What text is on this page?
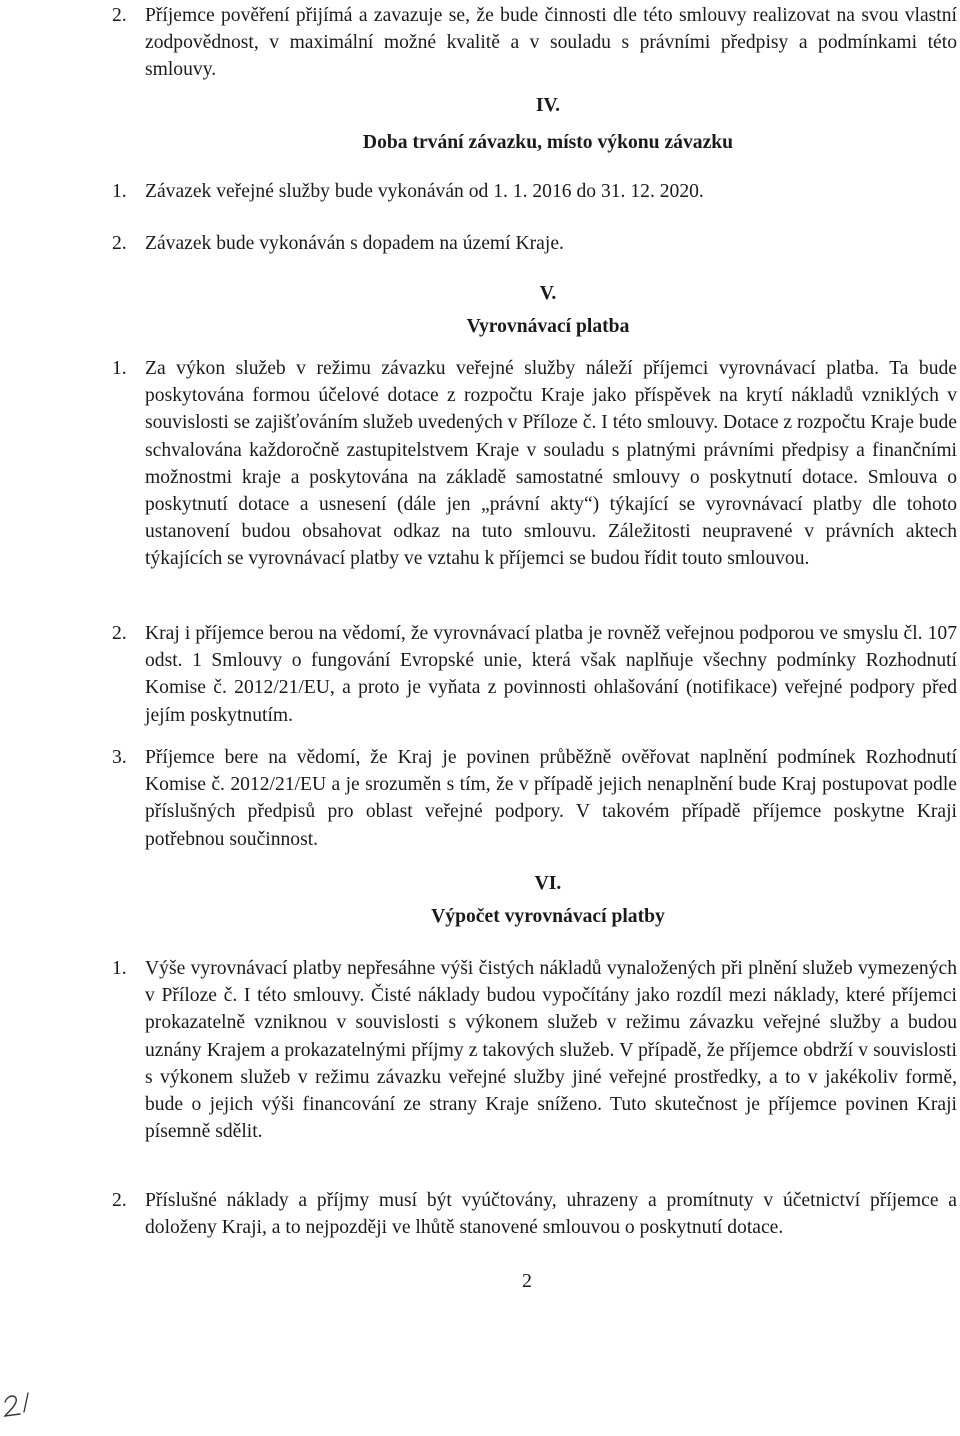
2. Příjemce pověření přijímá a zavazuje se, že bude činnosti dle této smlouvy realizovat na svou vlastní zodpovědnost, v maximální možné kvalitě a v souladu s právními předpisy a podmínkami této smlouvy.
IV.
Doba trvání závazku, místo výkonu závazku
1. Závazek veřejné služby bude vykonáván od 1. 1. 2016 do 31. 12. 2020.
2. Závazek bude vykonáván s dopadem na území Kraje.
V.
Vyrovnávací platba
1. Za výkon služeb v režimu závazku veřejné služby náleží příjemci vyrovnávací platba. Ta bude poskytována formou účelové dotace z rozpočtu Kraje jako příspěvek na krytí nákladů vzniklých v souvislosti se zajišťováním služeb uvedených v Příloze č. I této smlouvy. Dotace z rozpočtu Kraje bude schvalována každoročně zastupitelstvem Kraje v souladu s platnými právními předpisy a finančními možnostmi kraje a poskytována na základě samostatné smlouvy o poskytnutí dotace. Smlouva o poskytnutí dotace a usnesení (dále jen „právní akty“) týkající se vyrovnávací platby dle tohoto ustanovení budou obsahovat odkaz na tuto smlouvu. Záležitosti neupravené v právních aktech týkajících se vyrovnávací platby ve vztahu k příjemci se budou řídit touto smlouvou.
2. Kraj i příjemce berou na vědomí, že vyrovnávací platba je rovněž veřejnou podporou ve smyslu čl. 107 odst. 1 Smlouvy o fungování Evropské unie, která však naplňuje všechny podmínky Rozhodnutí Komise č. 2012/21/EU, a proto je vyňata z povinnosti ohlašování (notifikace) veřejné podpory před jejím poskytnutím.
3. Příjemce bere na vědomí, že Kraj je povinen průběžně ověřovat naplnění podmínek Rozhodnutí Komise č. 2012/21/EU a je srozuměn s tím, že v případě jejich nenaplnění bude Kraj postupovat podle příslušných předpisů pro oblast veřejné podpory. V takovém případě příjemce poskytne Kraji potřebnou součinnost.
VI.
Výpočet vyrovnávací platby
1. Výše vyrovnávací platby nepřesáhne výši čistých nákladů vynaložených při plnění služeb vymezených v Příloze č. I této smlouvy. Čisté náklady budou vypočítány jako rozdíl mezi náklady, které příjemci prokazatelně vzniknou v souvislosti s výkonem služeb v režimu závazku veřejné služby a budou uznány Krajem a prokazatelnými příjmy z takových služeb. V případě, že příjemce obdrží v souvislosti s výkonem služeb v režimu závazku veřejné služby jiné veřejné prostředky, a to v jakékoliv formě, bude o jejich výši financování ze strany Kraje sníženo. Tuto skutečnost je příjemce povinen Kraji písemně sdělit.
2. Příslušné náklady a příjmy musí být vyúčtovány, uhrazeny a promítnuty v účetnictví příjemce a doloženy Kraji, a to nejpozději ve lhůtě stanovené smlouvou o poskytnutí dotace.
2
